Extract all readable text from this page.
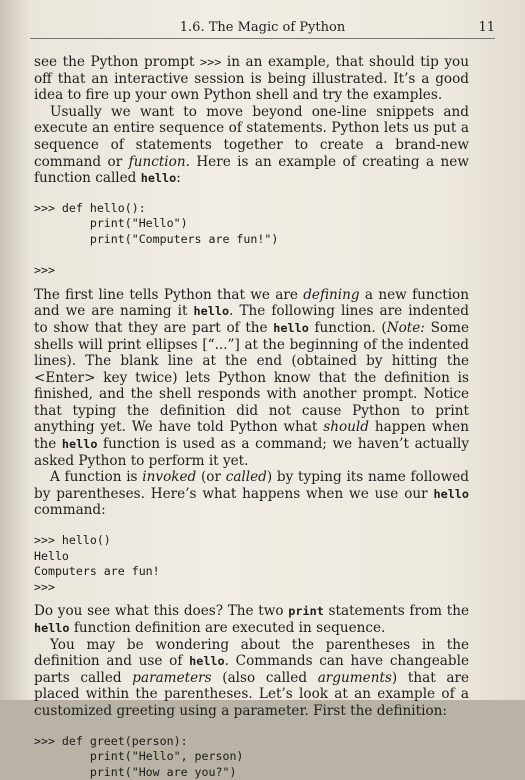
1.6. The Magic of Python	11

see the Python prompt >>> in an example, that should tip you off that an interactive session is being illustrated. It’s a good idea to fire up your own Python shell and try the examples.

Usually we want to move beyond one-line snippets and execute an entire sequence of statements. Python lets us put a sequence of statements together to create a brand-new command or function. Here is an example of creating a new function called hello:

>>> def hello():
print("Hello")
print("Computers are fun!")

>>>

The first line tells Python that we are defining a new function and we are naming it hello. The following lines are indented to show that they are part of the hello function. (Note: Some shells will print ellipses [“...”] at the beginning of the indented lines). The blank line at the end (obtained by hitting the <Enter> key twice) lets Python know that the definition is finished, and the shell responds with another prompt. Notice that typing the definition did not cause Python to print anything yet. We have told Python what should happen when the hello function is used as a command; we haven’t actually asked Python to perform it yet.

A function is invoked (or called) by typing its name followed by parentheses. Here’s what happens when we use our hello command:

>>> hello()
Hello
Computers are fun!
>>>

Do you see what this does? The two print statements from the hello function definition are executed in sequence.

You may be wondering about the parentheses in the definition and use of hello. Commands can have changeable parts called parameters (also called arguments) that are placed within the parentheses. Let’s look at an example of a customized greeting using a parameter. First the definition:

>>> def greet(person):
print("Hello", person)
print("How are you?")
